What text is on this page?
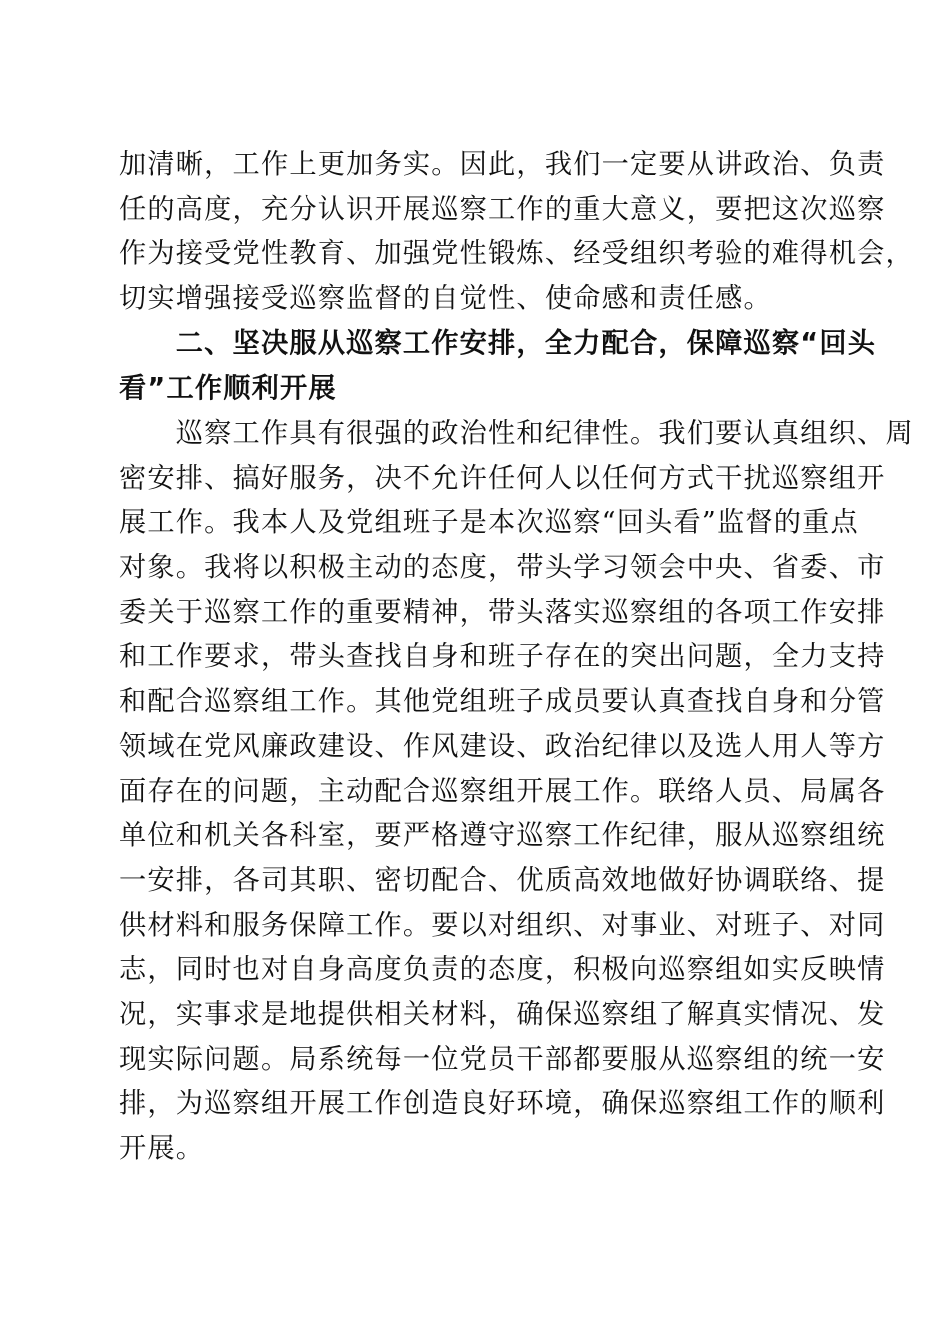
加清晰，工作上更加务实。因此，我们一定要从讲政治、负责
任的高度，充分认识开展巡察工作的重大意义，要把这次巡察
作为接受党性教育、加强党性锻炼、经受组织考验的难得机会，
切实增强接受巡察监督的自觉性、使命感和责任感。
　　二、坚决服从巡察工作安排，全力配合，保障巡察“回头
看”工作顺利开展
　　巡察工作具有很强的政治性和纪律性。我们要认真组织、周
密安排、搞好服务，决不允许任何人以任何方式干扰巡察组开
展工作。我本人及党组班子是本次巡察“回头看”监督的重点
对象。我将以积极主动的态度，带头学习领会中央、省委、市
委关于巡察工作的重要精神，带头落实巡察组的各项工作安排
和工作要求，带头查找自身和班子存在的突出问题，全力支持
和配合巡察组工作。其他党组班子成员要认真查找自身和分管
领域在党风廉政建设、作风建设、政治纪律以及选人用人等方
面存在的问题，主动配合巡察组开展工作。联络人员、局属各
单位和机关各科室，要严格遵守巡察工作纪律，服从巡察组统
一安排，各司其职、密切配合、优质高效地做好协调联络、提
供材料和服务保障工作。要以对组织、对事业、对班子、对同
志，同时也对自身高度负责的态度，积极向巡察组如实反映情
况，实事求是地提供相关材料，确保巡察组了解真实情况、发
现实际问题。局系统每一位党员干部都要服从巡察组的统一安
排，为巡察组开展工作创造良好环境，确保巡察组工作的顺利
开展。
